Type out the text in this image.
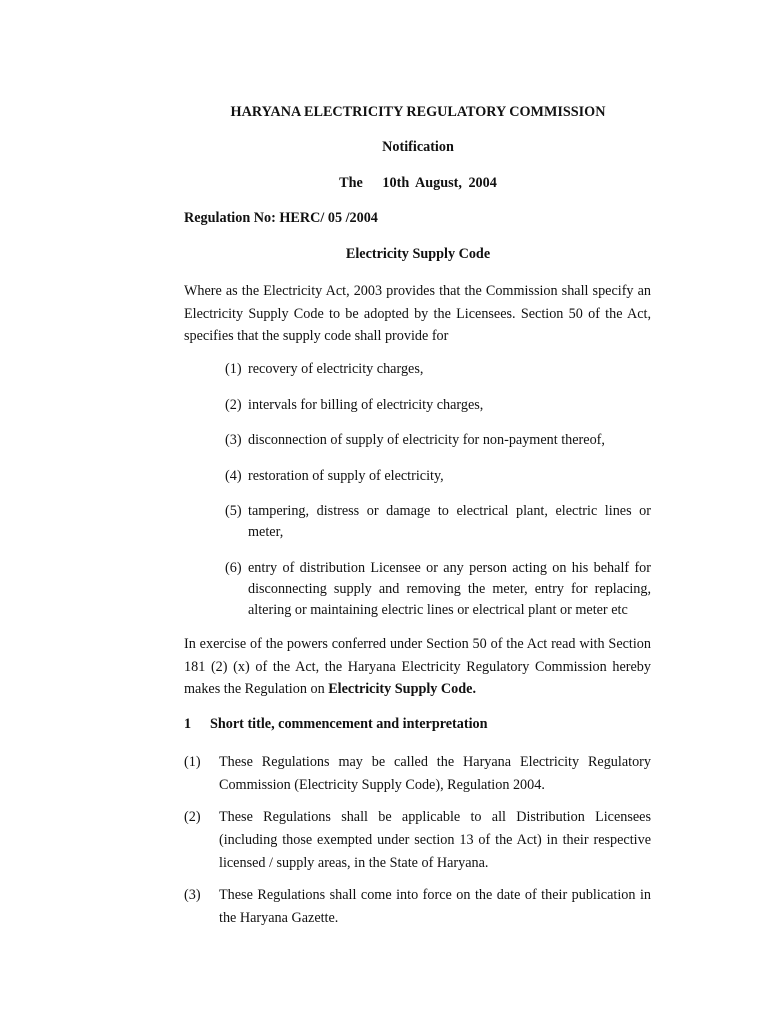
HARYANA ELECTRICITY REGULATORY COMMISSION
Notification
The   10th August, 2004
Regulation No: HERC/ 05 /2004
Electricity Supply Code

Where as the Electricity Act, 2003 provides that the Commission shall specify an Electricity Supply Code to be adopted by the Licensees. Section 50 of the Act, specifies that the supply code shall provide for

(1) recovery of electricity charges,
(2) intervals for billing of electricity charges,
(3) disconnection of supply of electricity for non-payment thereof,
(4) restoration of supply of electricity,
(5) tampering, distress or damage to electrical plant, electric lines or meter,
(6) entry of distribution Licensee or any person acting on his behalf for disconnecting supply and removing the meter, entry for replacing, altering or maintaining electric lines or electrical plant or meter etc

In exercise of the powers conferred under Section 50 of the Act read with Section 181 (2) (x) of the Act, the Haryana Electricity Regulatory Commission hereby makes the Regulation on Electricity Supply Code.

1 Short title, commencement and interpretation
(1) These Regulations may be called the Haryana Electricity Regulatory Commission (Electricity Supply Code), Regulation 2004.
(2) These Regulations shall be applicable to all Distribution Licensees (including those exempted under section 13 of the Act) in their respective licensed / supply areas, in the State of Haryana.
(3) These Regulations shall come into force on the date of their publication in the Haryana Gazette.
